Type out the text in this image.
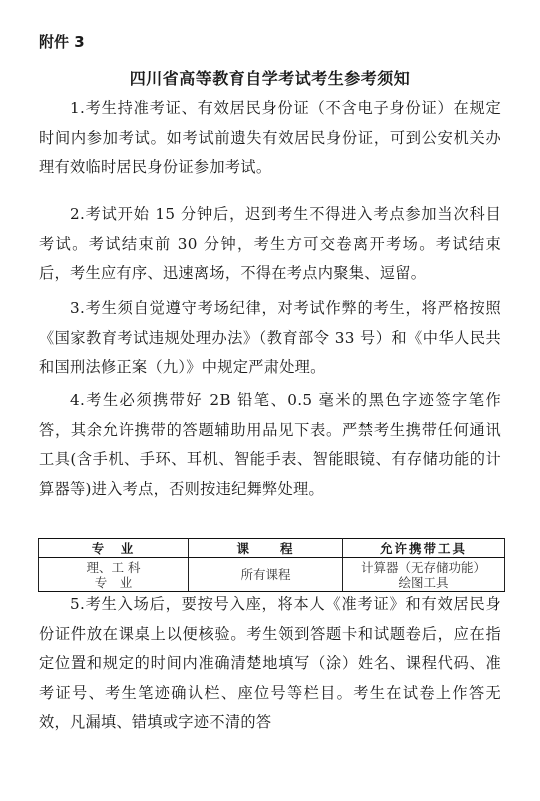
附件 3
四川省高等教育自学考试考生参考须知

1.考生持准考证、有效居民身份证（不含电子身份证）在规定时间内参加考试。如考试前遗失有效居民身份证，可到公安机关办理有效临时居民身份证参加考试。

2.考试开始 15 分钟后，迟到考生不得进入考点参加当次科目考试。考试结束前 30 分钟，考生方可交卷离开考场。考试结束后，考生应有序、迅速离场，不得在考点内聚集、逗留。

3.考生须自觉遵守考场纪律，对考试作弊的考生，将严格按照《国家教育考试违规处理办法》（教育部令 33 号）和《中华人民共和国刑法修正案（九）》中规定严肃处理。

4.考生必须携带好 2B 铅笔、0.5 毫米的黑色字迹签字笔作答，其余允许携带的答题辅助用品见下表。严禁考生携带任何通讯工具(含手机、手环、耳机、智能手表、智能眼镜、有存储功能的计算器等)进入考点，否则按违纪舞弊处理。

专　业	课　　程	允许携带工具

理、工 科
专　业	所有课程	计算器（无存储功能）
绘图工具

5.考生入场后，要按号入座，将本人《准考证》和有效居民身份证件放在课桌上以便核验。考生领到答题卡和试题卷后，应在指定位置和规定的时间内准确清楚地填写（涂）姓名、课程代码、准考证号、考生笔迹确认栏、座位号等栏目。考生在试卷上作答无效，凡漏填、错填或字迹不清的答
